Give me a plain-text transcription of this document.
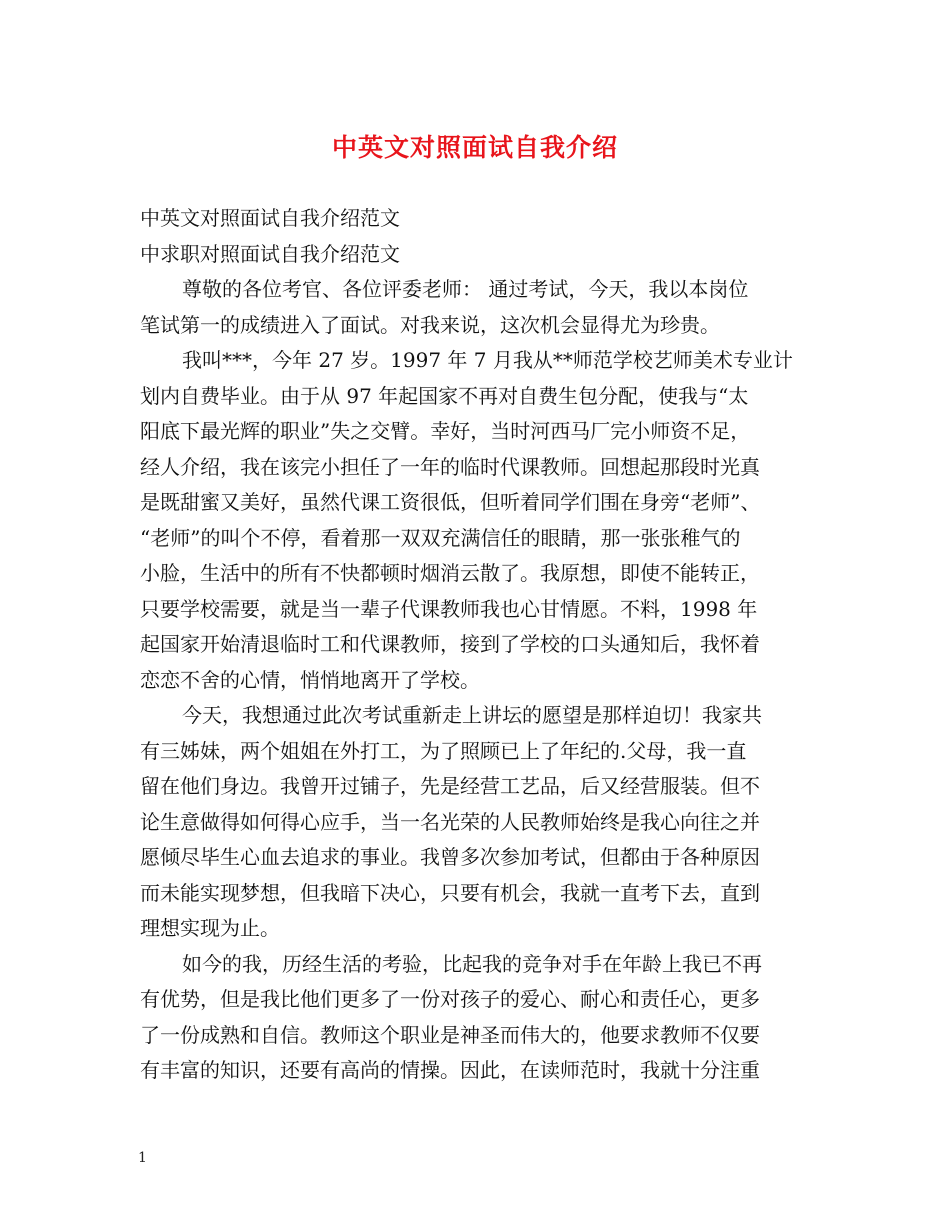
中英文对照面试自我介绍
中英文对照面试自我介绍范文
中求职对照面试自我介绍范文
尊敬的各位考官、各位评委老师： 通过考试，今天，我以本岗位
笔试第一的成绩进入了面试。对我来说，这次机会显得尤为珍贵。
我叫***，今年 27 岁。1997 年 7 月我从**师范学校艺师美术专业计
划内自费毕业。由于从 97 年起国家不再对自费生包分配，使我与“太
阳底下最光辉的职业”失之交臂。幸好，当时河西马厂完小师资不足，
经人介绍，我在该完小担任了一年的临时代课教师。回想起那段时光真
是既甜蜜又美好，虽然代课工资很低，但听着同学们围在身旁“老师”、
“老师”的叫个不停，看着那一双双充满信任的眼睛，那一张张稚气的
小脸，生活中的所有不快都顿时烟消云散了。我原想，即使不能转正，
只要学校需要，就是当一辈子代课教师我也心甘情愿。不料，1998 年
起国家开始清退临时工和代课教师，接到了学校的口头通知后，我怀着
恋恋不舍的心情，悄悄地离开了学校。
今天，我想通过此次考试重新走上讲坛的愿望是那样迫切！我家共
有三姊妹，两个姐姐在外打工，为了照顾已上了年纪的.父母，我一直
留在他们身边。我曾开过铺子，先是经营工艺品，后又经营服装。但不
论生意做得如何得心应手，当一名光荣的人民教师始终是我心向往之并
愿倾尽毕生心血去追求的事业。我曾多次参加考试，但都由于各种原因
而未能实现梦想，但我暗下决心，只要有机会，我就一直考下去，直到
理想实现为止。
如今的我，历经生活的考验，比起我的竞争对手在年龄上我已不再
有优势，但是我比他们更多了一份对孩子的爱心、耐心和责任心，更多
了一份成熟和自信。教师这个职业是神圣而伟大的，他要求教师不仅要
有丰富的知识，还要有高尚的情操。因此，在读师范时，我就十分注重
1
